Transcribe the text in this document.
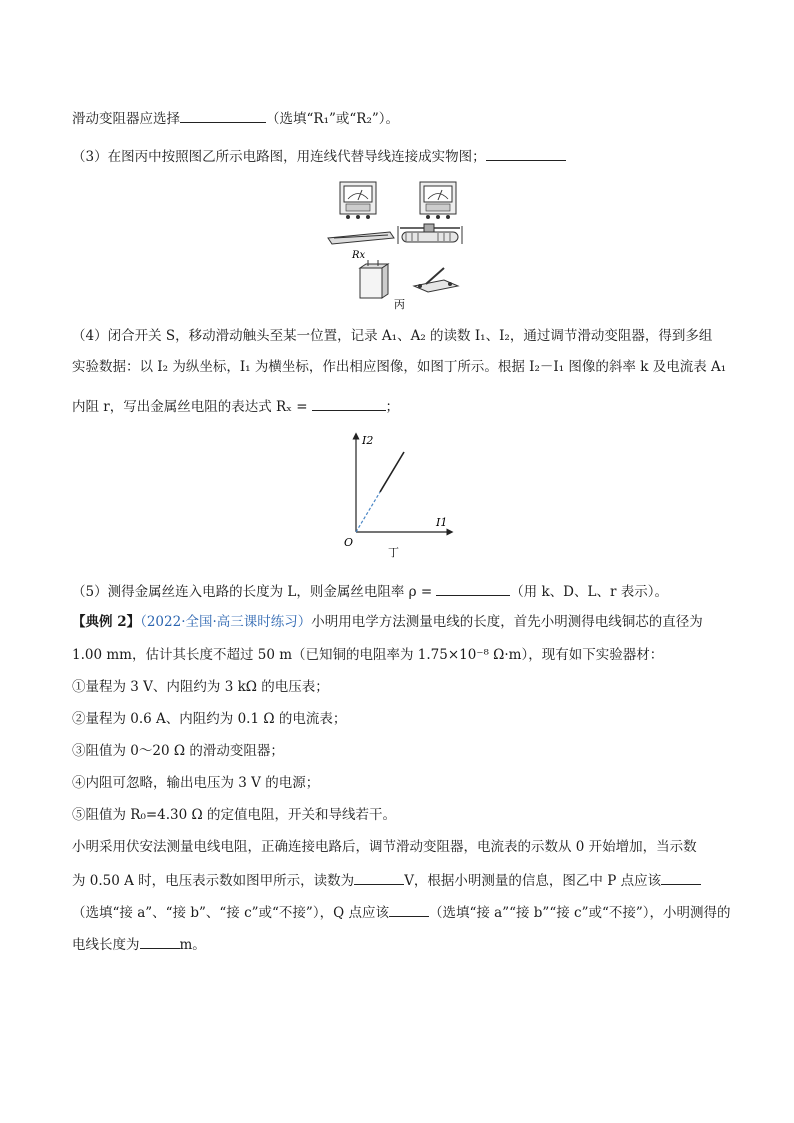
滑动变阻器应选择	（选填“R₁”或“R₂”）。
（3）在图丙中按照图乙所示电路图，用连线代替导线连接成实物图；
Rx
丙
（4）闭合开关 S，移动滑动触头至某一位置，记录 A₁、A₂ 的读数 I₁、I₂，通过调节滑动变阻器，得到多组
实验数据：以 I₂ 为纵坐标，I₁ 为横坐标，作出相应图像，如图丁所示。根据 I₂－I₁ 图像的斜率 k 及电流表 A₁
内阻 r，写出金属丝电阻的表达式 Rₓ =	；
I2
I1
O
丁
（5）测得金属丝连入电路的长度为 L，则金属丝电阻率 ρ =	（用 k、D、L、r 表示）。
【典例 2】（2022·全国·高三课时练习）小明用电学方法测量电线的长度，首先小明测得电线铜芯的直径为
1.00 mm，估计其长度不超过 50 m（已知铜的电阻率为 1.75×10⁻⁸ Ω·m），现有如下实验器材：
①量程为 3 V、内阻约为 3 kΩ 的电压表；
②量程为 0.6 A、内阻约为 0.1 Ω 的电流表；
③阻值为 0～20 Ω 的滑动变阻器；
④内阻可忽略，输出电压为 3 V 的电源；
⑤阻值为 R₀=4.30 Ω 的定值电阻，开关和导线若干。
小明采用伏安法测量电线电阻，正确连接电路后，调节滑动变阻器，电流表的示数从 0 开始增加，当示数
为 0.50 A 时，电压表示数如图甲所示，读数为	V，根据小明测量的信息，图乙中 P 点应该
（选填“接 a”、“接 b”、“接 c”或“不接”），Q 点应该	（选填“接 a”“接 b”“接 c”或“不接”），小明测得的
电线长度为	m。
